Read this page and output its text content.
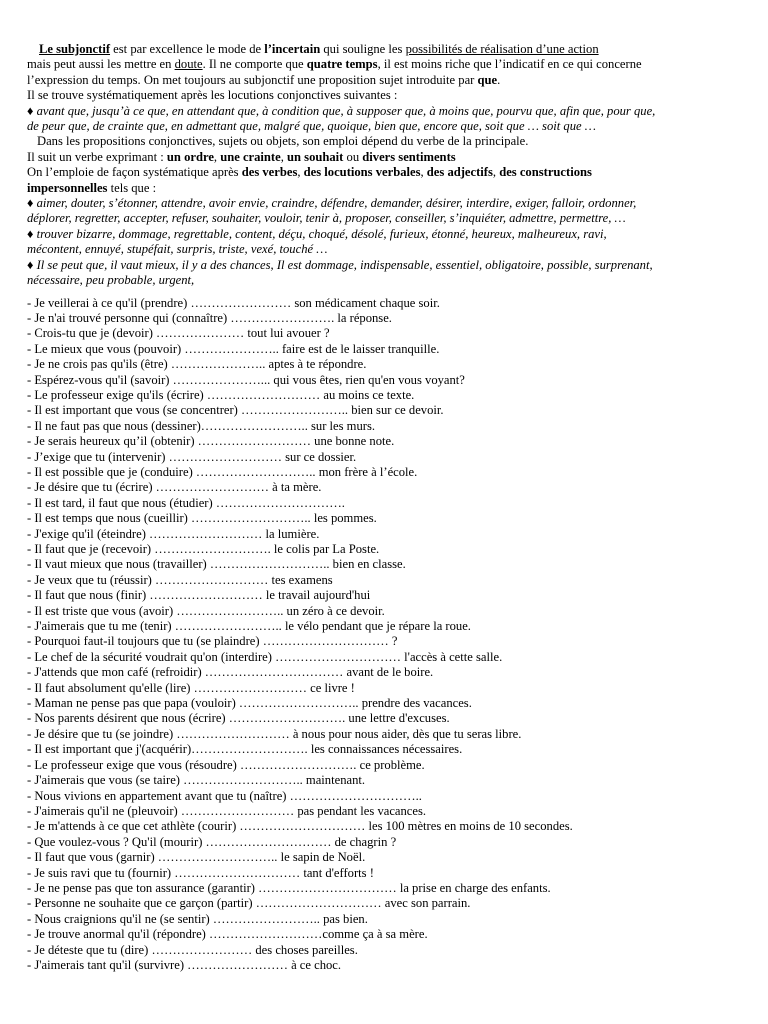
Le subjonctif est par excellence le mode de l’incertain qui souligne les possibilités de réalisation d’une action

mais peut aussi les mettre en doute. Il ne comporte que quatre temps, il est moins riche que l’indicatif en ce qui concerne

l’expression du temps. On met toujours au subjonctif une proposition sujet introduite par que.

Il se trouve systématiquement après les locutions conjonctives suivantes :

♦ avant que, jusqu’à ce que, en attendant que, à condition que, à supposer que, à moins que, pourvu que, afin que, pour que,

de peur que, de crainte que, en admettant que, malgré que, quoique, bien que, encore que, soit que … soit que …

Dans les propositions conjonctives, sujets ou objets, son emploi dépend du verbe de la principale.

Il suit un verbe exprimant : un ordre, une crainte, un souhait ou divers sentiments

On l’emploie de façon systématique après des verbes, des locutions verbales, des adjectifs, des constructions

impersonnelles tels que :

♦ aimer, douter, s’étonner, attendre, avoir envie, craindre, défendre, demander, désirer, interdire, exiger, falloir, ordonner,

déplorer, regretter, accepter, refuser, souhaiter, vouloir, tenir à, proposer, conseiller, s’inquiéter, admettre, permettre, …

♦ trouver bizarre, dommage, regrettable, content, déçu, choqué, désolé, furieux, étonné, heureux, malheureux, ravi,

mécontent, ennuyé, stupéfait, surpris, triste, vexé, touché …

♦ Il se peut que, il vaut mieux, il y a des chances, Il est dommage, indispensable, essentiel, obligatoire, possible, surprenant,

nécessaire, peu probable, urgent,

- Je veillerai à ce qu'il (prendre) …………………… son médicament chaque soir.
- Je n'ai trouvé personne qui (connaître) ……………………. la réponse.
- Crois-tu que je (devoir) ………………… tout lui avouer ?
- Le mieux que vous (pouvoir) ………………….. faire est de le laisser tranquille.
- Je ne crois pas qu'ils (être) ………………….. aptes à te répondre.
- Espérez-vous qu'il (savoir) …………………... qui vous êtes, rien qu'en vous voyant?
- Le professeur exige qu'ils (écrire) ……………………… au moins ce texte.
- Il est important que vous (se concentrer) …………………….. bien sur ce devoir.
- Il ne faut pas que nous (dessiner)…………………….. sur les murs.
- Je serais heureux qu’il (obtenir) ……………………… une bonne note.
- J’exige que tu (intervenir) ……………………… sur ce dossier.
- Il est possible que je (conduire) ……………………….. mon frère à l’école.
- Je désire que tu (écrire) ……………………… à ta mère.
- Il est tard, il faut que nous (étudier) ………………………….
- Il est temps que nous (cueillir) ……………………….. les pommes.
- J'exige qu'il (éteindre) ……………………… la lumière.
- Il faut que je (recevoir) ………………………. le colis par La Poste.
- Il vaut mieux que nous (travailler) ……………………….. bien en classe.
- Je veux que tu (réussir) ……………………… tes examens
- Il faut que nous (finir) ……………………… le travail aujourd'hui
- Il est triste que vous (avoir) …………………….. un zéro à ce devoir.
- J'aimerais que tu me (tenir) …………………….. le vélo pendant que je répare la roue.
- Pourquoi faut-il toujours que tu (se plaindre) ………………………… ?
- Le chef de la sécurité voudrait qu'on (interdire) ………………………… l'accès à cette salle.
- J'attends que mon café (refroidir) …………………………… avant de le boire.
- Il faut absolument qu'elle (lire) ……………………… ce livre !
- Maman ne pense pas que papa (vouloir) ……………………….. prendre des vacances.
- Nos parents désirent que nous (écrire) ………………………. une lettre d'excuses.
- Je désire que tu (se joindre) ……………………… à nous pour nous aider, dès que tu seras libre.
- Il est important que j'(acquérir)………………………. les connaissances nécessaires.
- Le professeur exige que vous (résoudre) ………………………. ce problème.
- J'aimerais que vous (se taire) ……………………….. maintenant.
- Nous vivions en appartement avant que tu (naître) …………………………..
- J'aimerais qu'il ne (pleuvoir) ……………………… pas pendant les vacances.
- Je m'attends à ce que cet athlète (courir) ………………………… les 100 mètres en moins de 10 secondes.
- Que voulez-vous ? Qu'il (mourir) ………………………… de chagrin ?
- Il faut que vous (garnir) ……………………….. le sapin de Noël.
- Je suis ravi que tu (fournir) ………………………… tant d'efforts !
- Je ne pense pas que ton assurance (garantir) …………………………… la prise en charge des enfants.
- Personne ne souhaite que ce garçon (partir) ………………………… avec son parrain.
- Nous craignions qu'il ne (se sentir) …………………….. pas bien.
- Je trouve anormal qu'il (répondre) ………………………comme ça à sa mère.
- Je déteste que tu (dire) …………………… des choses pareilles.
- J'aimerais tant qu'il (survivre) …………………… à ce choc.
